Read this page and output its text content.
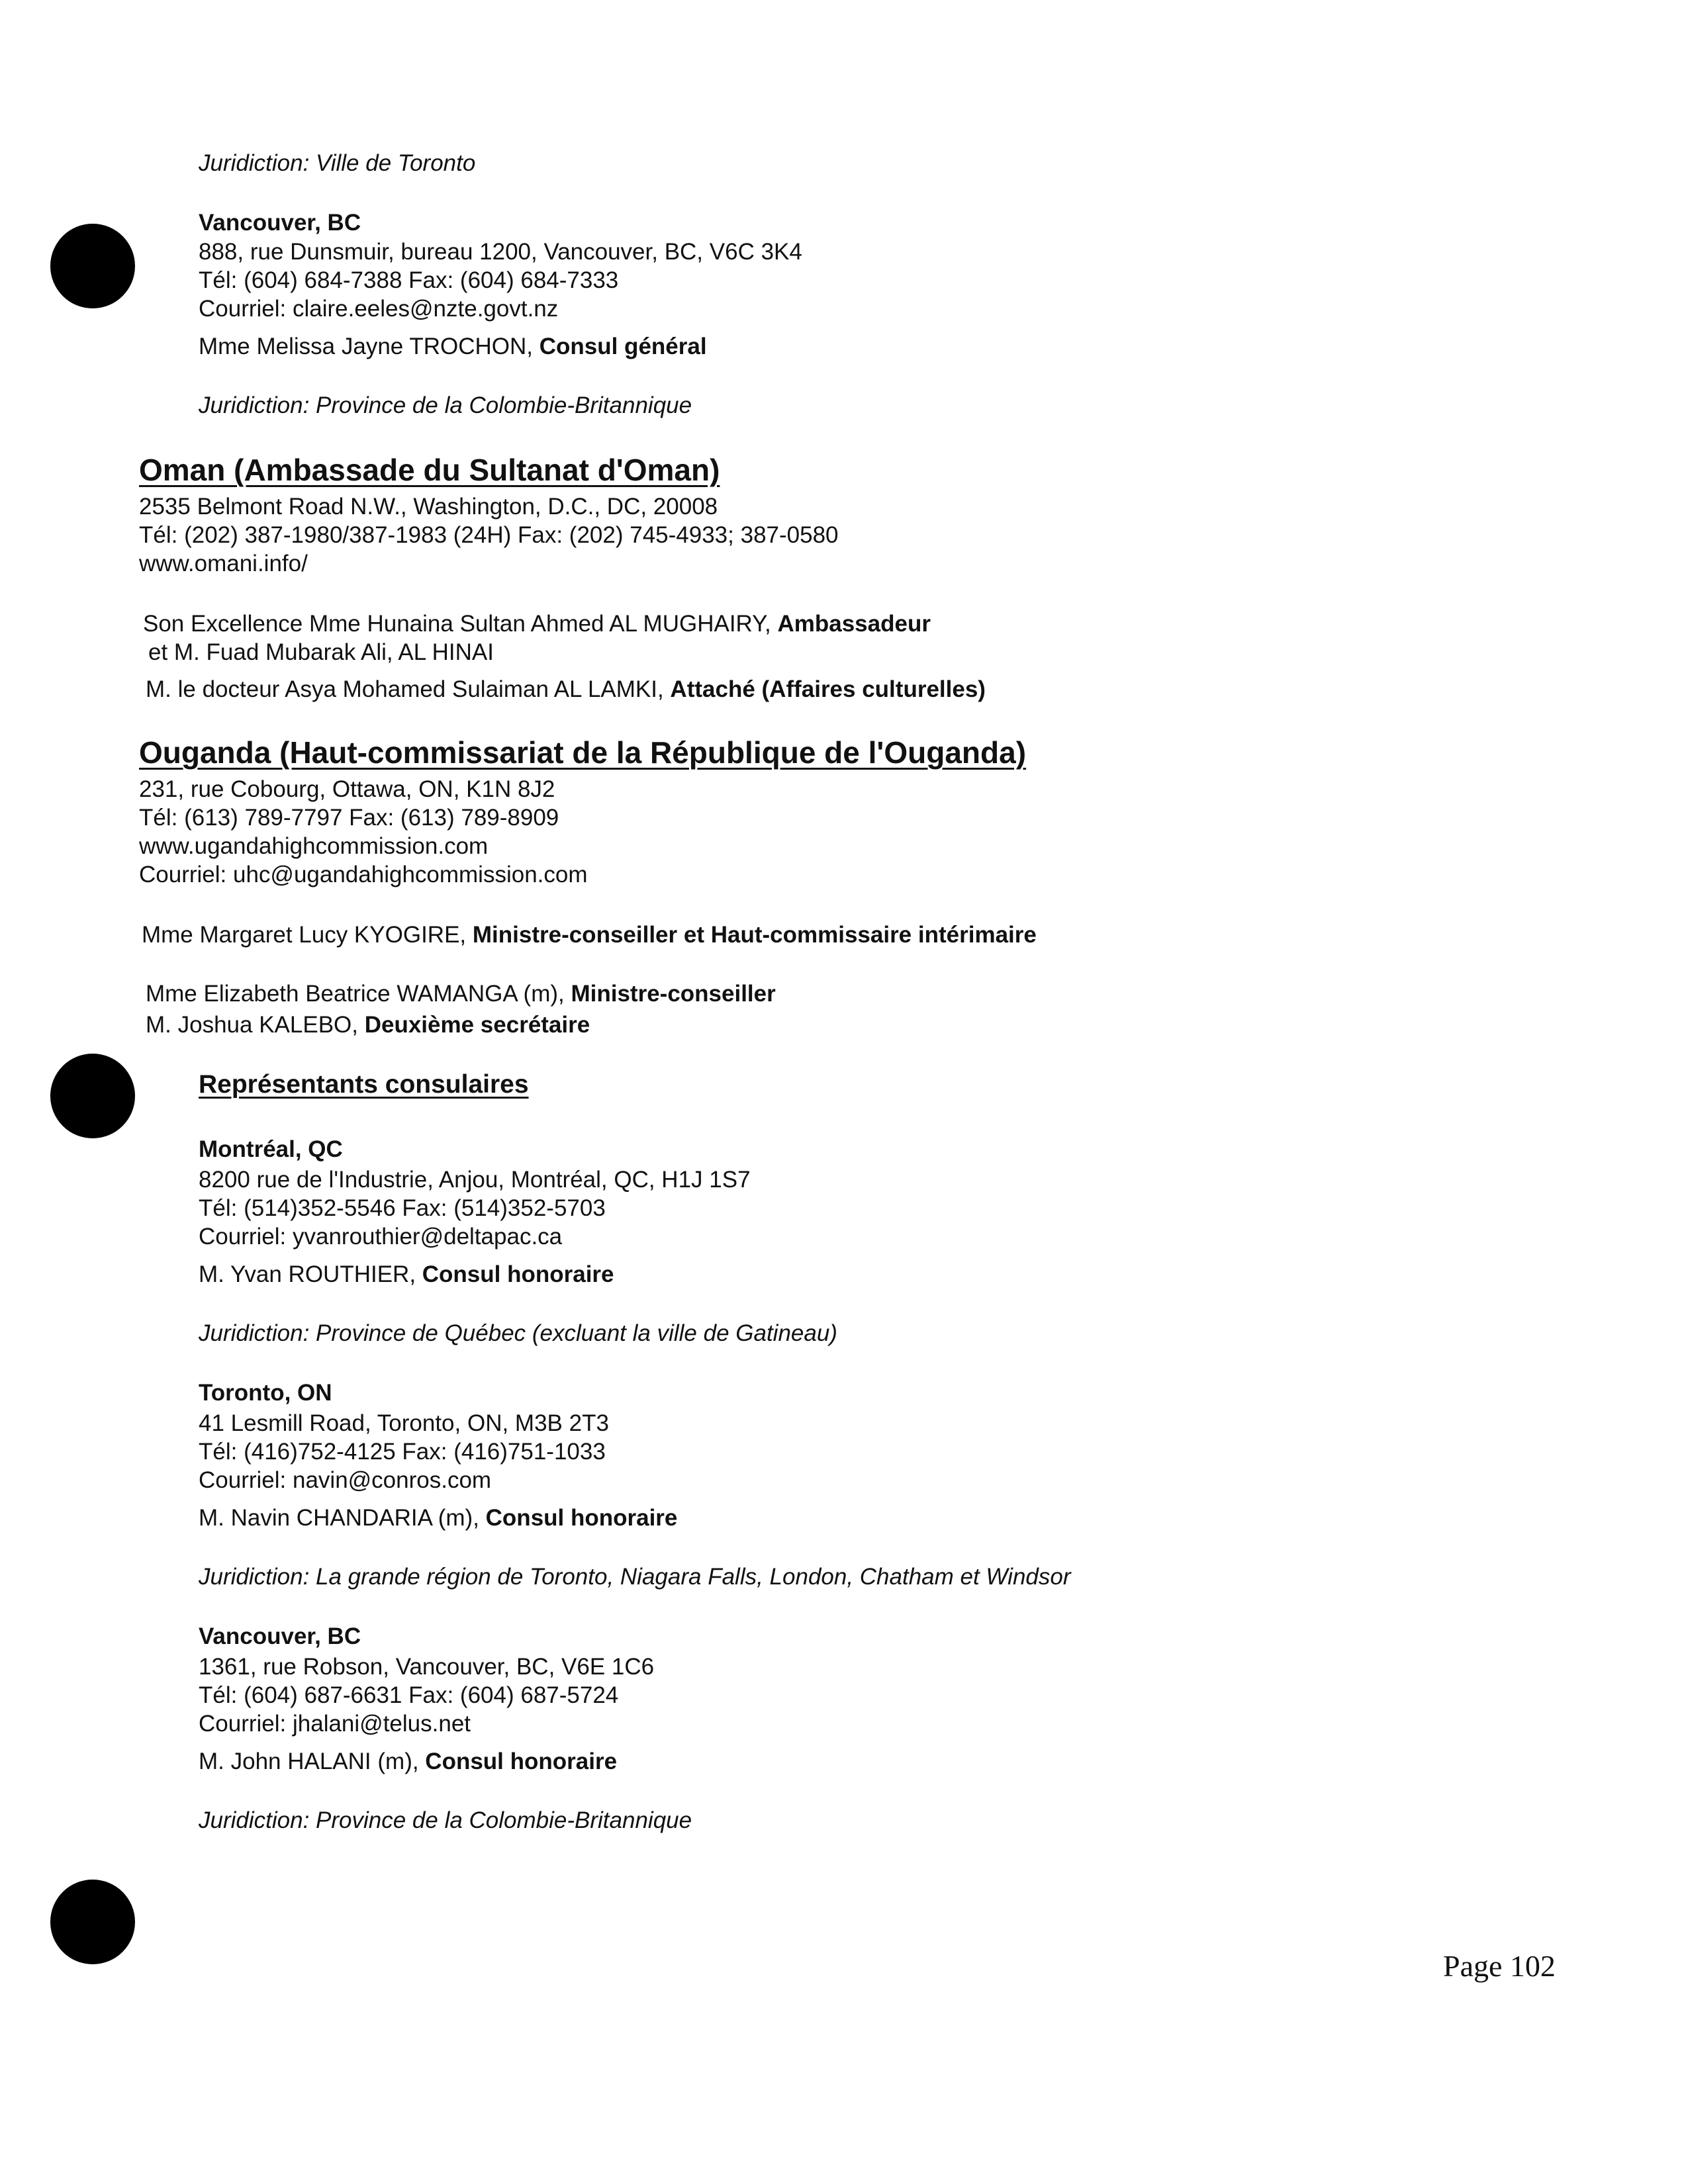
Juridiction: Ville de Toronto
Vancouver, BC
888, rue Dunsmuir, bureau 1200, Vancouver, BC, V6C 3K4
Tél: (604) 684-7388 Fax: (604) 684-7333
Courriel: claire.eeles@nzte.govt.nz
Mme Melissa Jayne TROCHON, Consul général
Juridiction: Province de la Colombie-Britannique
Oman (Ambassade du Sultanat d'Oman)
2535 Belmont Road N.W., Washington, D.C., DC, 20008
Tél: (202) 387-1980/387-1983 (24H) Fax: (202) 745-4933; 387-0580
www.omani.info/
Son Excellence Mme Hunaina Sultan Ahmed AL MUGHAIRY, Ambassadeur
et M. Fuad Mubarak Ali, AL HINAI
M. le docteur Asya Mohamed Sulaiman AL LAMKI, Attaché (Affaires culturelles)
Ouganda (Haut-commissariat de la République de l'Ouganda)
231, rue Cobourg, Ottawa, ON, K1N 8J2
Tél: (613) 789-7797 Fax: (613) 789-8909
www.ugandahighcommission.com
Courriel: uhc@ugandahighcommission.com
Mme Margaret Lucy KYOGIRE, Ministre-conseiller et Haut-commissaire intérimaire
Mme Elizabeth Beatrice WAMANGA (m), Ministre-conseiller
M. Joshua KALEBO, Deuxième secrétaire
Représentants consulaires
Montréal, QC
8200 rue de l'Industrie, Anjou, Montréal, QC, H1J 1S7
Tél: (514)352-5546 Fax: (514)352-5703
Courriel: yvanrouthier@deltapac.ca
M. Yvan ROUTHIER, Consul honoraire
Juridiction: Province de Québec (excluant la ville de Gatineau)
Toronto, ON
41 Lesmill Road, Toronto, ON, M3B 2T3
Tél: (416)752-4125 Fax: (416)751-1033
Courriel: navin@conros.com
M. Navin CHANDARIA (m), Consul honoraire
Juridiction: La grande région de Toronto, Niagara Falls, London, Chatham et Windsor
Vancouver, BC
1361, rue Robson, Vancouver, BC, V6E 1C6
Tél: (604) 687-6631 Fax: (604) 687-5724
Courriel: jhalani@telus.net
M. John HALANI (m), Consul honoraire
Juridiction: Province de la Colombie-Britannique
Page 102
